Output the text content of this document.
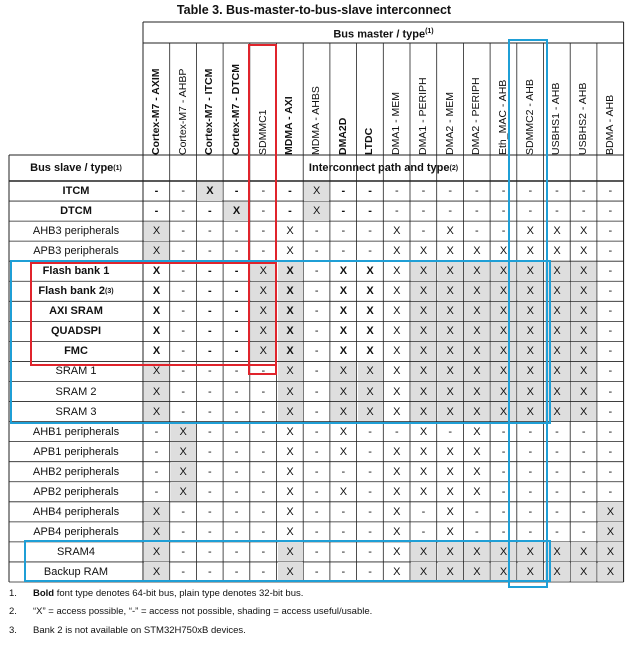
Table 3. Bus-master-to-bus-slave interconnect
Bus master / type$^{(1)}$
Bus slave / type (1)	Interconnect path and type (2)
Cortex-M7 - AXIM	Cortex-M7 - AHBP	Cortex-M7 - ITCM	Cortex-M7 - DTCM	SDMMC1	MDMA - AXI	MDMA - AHBS	DMA2D	LTDC	DMA1 - MEM	DMA1 - PERIPH	DMA2 - MEM	DMA2 - PERIPH	Eth_MAC - AHB	SDMMC2 - AHB	USBHS1 - AHB	USBHS2 - AHB	BDMA - AHB
ITCM	-	-	X	-	-	-	X	-	-	-	-	-	-	-	-	-	-	-
DTCM	-	-	-	X	-	-	X	-	-	-	-	-	-	-	-	-	-	-
AHB3 peripherals	X	-	-	-	-	X	-	-	-	X	-	X	-	-	X	X	X	-
APB3 peripherals	X	-	-	-	-	X	-	-	-	X	X	X	X	X	X	X	X	-
Flash bank 1	X	-	-	-	X	X	-	X	X	X	X	X	X	X	X	X	X	-
Flash bank 2 (3)	X	-	-	-	X	X	-	X	X	X	X	X	X	X	X	X	X	-
AXI SRAM	X	-	-	-	X	X	-	X	X	X	X	X	X	X	X	X	X	-
QUADSPI	X	-	-	-	X	X	-	X	X	X	X	X	X	X	X	X	X	-
FMC	X	-	-	-	X	X	-	X	X	X	X	X	X	X	X	X	X	-
SRAM 1	X	-	-	-	-	X	-	X	X	X	X	X	X	X	X	X	X	-
SRAM 2	X	-	-	-	-	X	-	X	X	X	X	X	X	X	X	X	X	-
SRAM 3	X	-	-	-	-	X	-	X	X	X	X	X	X	X	X	X	X	-
AHB1 peripherals	-	X	-	-	-	X	-	X	-	-	X	-	X	-	-	-	-	-
APB1 peripherals	-	X	-	-	-	X	-	X	-	X	X	X	X	-	-	-	-	-
AHB2 peripherals	-	X	-	-	-	X	-	-	-	X	X	X	X	-	-	-	-	-
APB2 peripherals	-	X	-	-	-	X	-	X	-	X	X	X	X	-	-	-	-	-
AHB4 peripherals	X	-	-	-	-	X	-	-	-	X	-	X	-	-	-	-	-	X
APB4 peripherals	X	-	-	-	-	X	-	-	-	X	-	X	-	-	-	-	-	X
SRAM4	X	-	-	-	-	X	-	-	-	X	X	X	X	X	X	X	X	X
Backup RAM	X	-	-	-	-	X	-	-	-	X	X	X	X	X	X	X	X	X
1. Bold font type denotes 64-bit bus, plain type denotes 32-bit bus.
2. “X” = access possible, “-” = access not possible, shading = access useful/usable.
3. Bank 2 is not available on STM32H750xB devices.
